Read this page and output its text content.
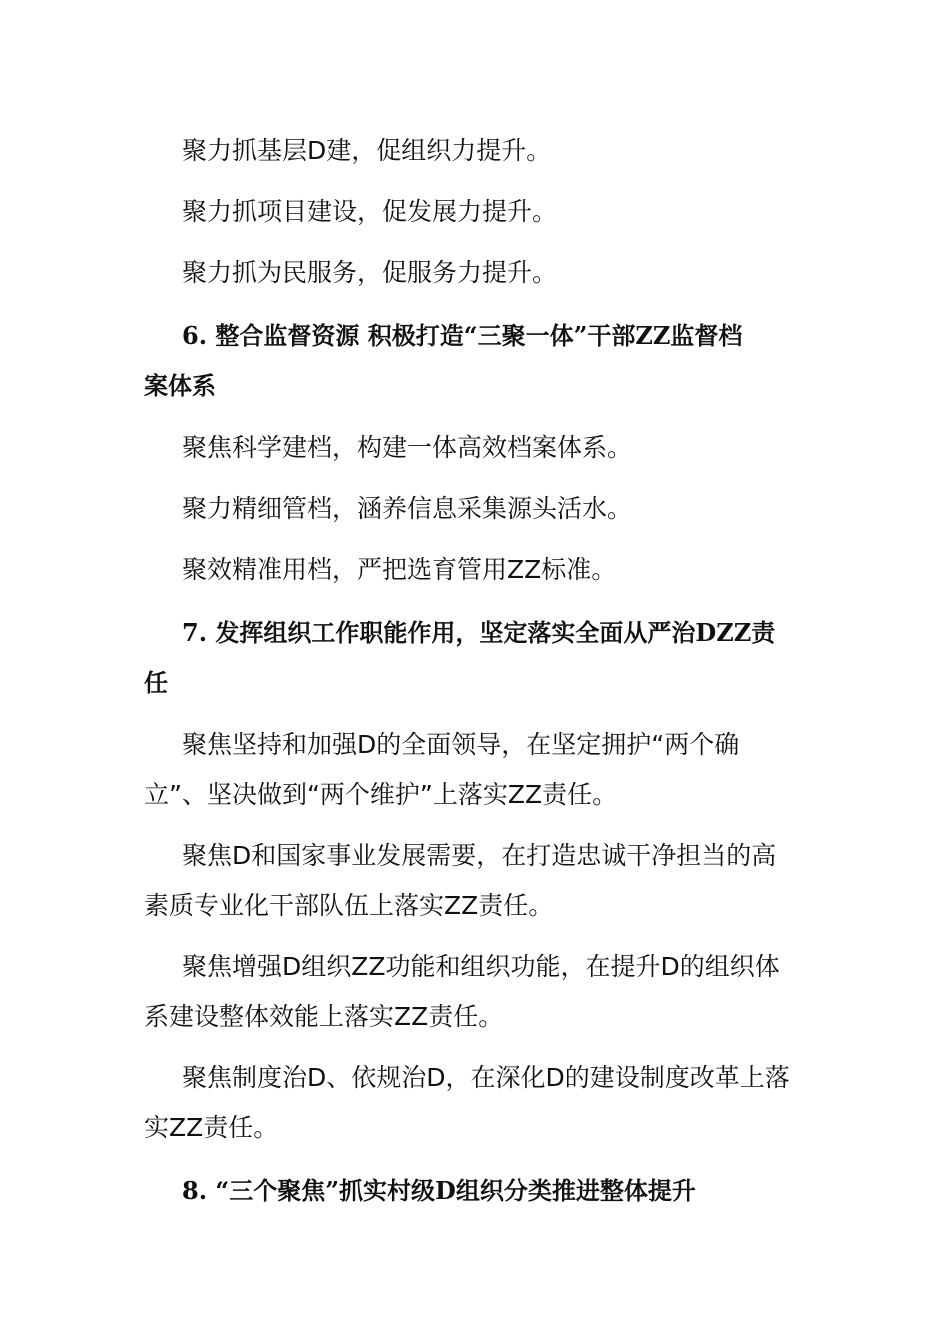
聚力抓基层D建，促组织力提升。

聚力抓项目建设，促发展力提升。

聚力抓为民服务，促服务力提升。

6. 整合监督资源 积极打造“三聚一体”干部ZZ监督档

案体系

聚焦科学建档，构建一体高效档案体系。

聚力精细管档，涵养信息采集源头活水。

聚效精准用档，严把选育管用ZZ标准。

7. 发挥组织工作职能作用，坚定落实全面从严治DZZ责

任

聚焦坚持和加强D的全面领导，在坚定拥护“两个确

立”、坚决做到“两个维护”上落实ZZ责任。

聚焦D和国家事业发展需要，在打造忠诚干净担当的高

素质专业化干部队伍上落实ZZ责任。

聚焦增强D组织ZZ功能和组织功能，在提升D的组织体

系建设整体效能上落实ZZ责任。

聚焦制度治D、依规治D，在深化D的建设制度改革上落

实ZZ责任。

8. “三个聚焦”抓实村级D组织分类推进整体提升
